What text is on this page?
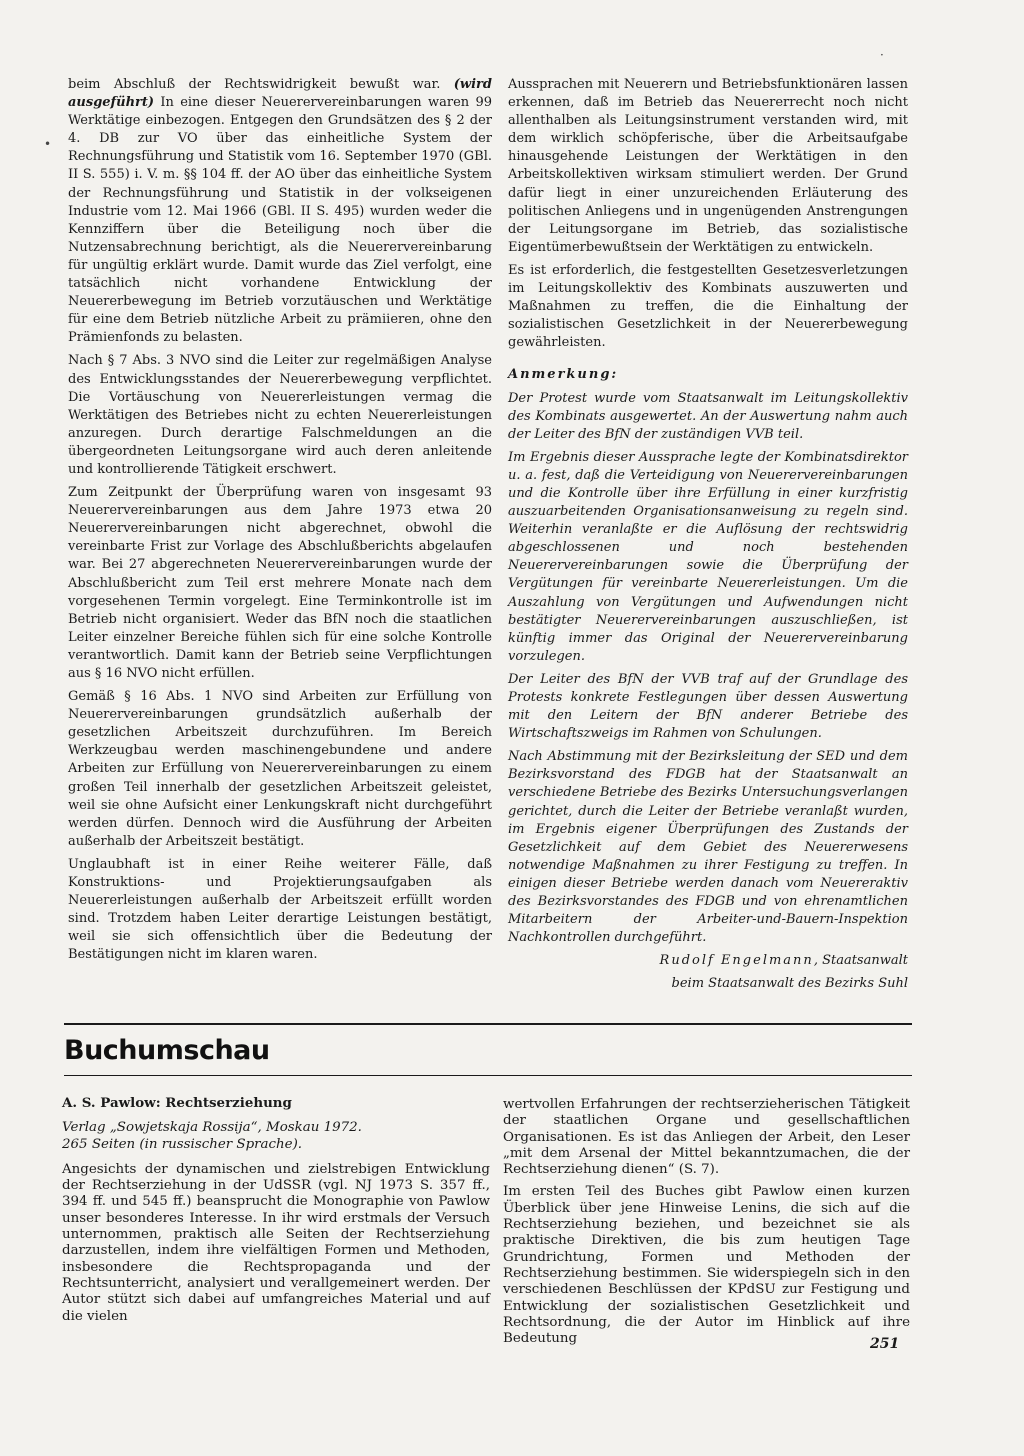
beim Abschluß der Rechtswidrigkeit bewußt war. (wird ausgeführt) In eine dieser Neuerervereinbarungen waren 99 Werktätige einbezogen. Entgegen den Grundsätzen des § 2 der 4. DB zur VO über das einheitliche System der Rechnungsführung und Statistik vom 16. September 1970 (GBl. II S. 555) i. V. m. §§ 104 ff. der AO über das einheitliche System der Rechnungsführung und Statistik in der volkseigenen Industrie vom 12. Mai 1966 (GBl. II S. 495) wurden weder die Kennziffern über die Beteiligung noch über die Nutzensabrechnung berichtigt, als die Neuerervereinbarung für ungültig erklärt wurde. Damit wurde das Ziel verfolgt, eine tatsächlich nicht vorhandene Entwicklung der Neuererbewegung im Betrieb vorzutäuschen und Werktätige für eine dem Betrieb nützliche Arbeit zu prämiieren, ohne den Prämienfonds zu belasten.

Nach § 7 Abs. 3 NVO sind die Leiter zur regelmäßigen Analyse des Entwicklungsstandes der Neuererbewegung verpflichtet. Die Vortäuschung von Neuererleistungen vermag die Werktätigen des Betriebes nicht zu echten Neuererleistungen anzuregen. Durch derartige Falschmeldungen an die übergeordneten Leitungsorgane wird auch deren anleitende und kontrollierende Tätigkeit erschwert.

Zum Zeitpunkt der Überprüfung waren von insgesamt 93 Neuerervereinbarungen aus dem Jahre 1973 etwa 20 Neuerervereinbarungen nicht abgerechnet, obwohl die vereinbarte Frist zur Vorlage des Abschlußberichts abgelaufen war. Bei 27 abgerechneten Neuerervereinbarungen wurde der Abschlußbericht zum Teil erst mehrere Monate nach dem vorgesehenen Termin vorgelegt. Eine Terminkontrolle ist im Betrieb nicht organisiert. Weder das BfN noch die staatlichen Leiter einzelner Bereiche fühlen sich für eine solche Kontrolle verantwortlich. Damit kann der Betrieb seine Verpflichtungen aus § 16 NVO nicht erfüllen.

Gemäß § 16 Abs. 1 NVO sind Arbeiten zur Erfüllung von Neuerervereinbarungen grundsätzlich außerhalb der gesetzlichen Arbeitszeit durchzuführen. Im Bereich Werkzeugbau werden maschinengebundene und andere Arbeiten zur Erfüllung von Neuerervereinbarungen zu einem großen Teil innerhalb der gesetzlichen Arbeitszeit geleistet, weil sie ohne Aufsicht einer Lenkungskraft nicht durchgeführt werden dürfen. Dennoch wird die Ausführung der Arbeiten außerhalb der Arbeitszeit bestätigt.

Unglaubhaft ist in einer Reihe weiterer Fälle, daß Konstruktions- und Projektierungsaufgaben als Neuererleistungen außerhalb der Arbeitszeit erfüllt worden sind. Trotzdem haben Leiter derartige Leistungen bestätigt, weil sie sich offensichtlich über die Bedeutung der Bestätigungen nicht im klaren waren.

Aussprachen mit Neuerern und Betriebsfunktionären lassen erkennen, daß im Betrieb das Neuererrecht noch nicht allenthalben als Leitungsinstrument verstanden wird, mit dem wirklich schöpferische, über die Arbeitsaufgabe hinausgehende Leistungen der Werktätigen in den Arbeitskollektiven wirksam stimuliert werden. Der Grund dafür liegt in einer unzureichenden Erläuterung des politischen Anliegens und in ungenügenden Anstrengungen der Leitungsorgane im Betrieb, das sozialistische Eigentümerbewußtsein der Werktätigen zu entwickeln.

Es ist erforderlich, die festgestellten Gesetzesverletzungen im Leitungskollektiv des Kombinats auszuwerten und Maßnahmen zu treffen, die die Einhaltung der sozialistischen Gesetzlichkeit in der Neuererbewegung gewährleisten.

Anmerkung:

Der Protest wurde vom Staatsanwalt im Leitungskollektiv des Kombinats ausgewertet. An der Auswertung nahm auch der Leiter des BfN der zuständigen VVB teil.

Im Ergebnis dieser Aussprache legte der Kombinatsdirektor u. a. fest, daß die Verteidigung von Neuerervereinbarungen und die Kontrolle über ihre Erfüllung in einer kurzfristig auszuarbeitenden Organisationsanweisung zu regeln sind. Weiterhin veranlaßte er die Auflösung der rechtswidrig abgeschlossenen und noch bestehenden Neuerervereinbarungen sowie die Überprüfung der Vergütungen für vereinbarte Neuererleistungen. Um die Auszahlung von Vergütungen und Aufwendungen nicht bestätigter Neuerervereinbarungen auszuschließen, ist künftig immer das Original der Neuerervereinbarung vorzulegen.

Der Leiter des BfN der VVB traf auf der Grundlage des Protests konkrete Festlegungen über dessen Auswertung mit den Leitern der BfN anderer Betriebe des Wirtschaftszweigs im Rahmen von Schulungen.

Nach Abstimmung mit der Bezirksleitung der SED und dem Bezirksvorstand des FDGB hat der Staatsanwalt an verschiedene Betriebe des Bezirks Untersuchungsverlangen gerichtet, durch die Leiter der Betriebe veranlaßt wurden, im Ergebnis eigener Überprüfungen des Zustands der Gesetzlichkeit auf dem Gebiet des Neuererwesens notwendige Maßnahmen zu ihrer Festigung zu treffen. In einigen dieser Betriebe werden danach vom Neuereraktiv des Bezirksvorstandes des FDGB und von ehrenamtlichen Mitarbeitern der Arbeiter-und-Bauern-Inspektion Nachkontrollen durchgeführt.

Rudolf Engelmann, Staatsanwalt

beim Staatsanwalt des Bezirks Suhl

Buchumschau

A. S. Pawlow: Rechtserziehung

Verlag „Sowjetskaja Rossija“, Moskau 1972.
265 Seiten (in russischer Sprache).

Angesichts der dynamischen und zielstrebigen Entwicklung der Rechtserziehung in der UdSSR (vgl. NJ 1973 S. 357 ff., 394 ff. und 545 ff.) beansprucht die Monographie von Pawlow unser besonderes Interesse. In ihr wird erstmals der Versuch unternommen, praktisch alle Seiten der Rechtserziehung darzustellen, indem ihre vielfältigen Formen und Methoden, insbesondere die Rechtspropaganda und der Rechtsunterricht, analysiert und verallgemeinert werden. Der Autor stützt sich dabei auf umfangreiches Material und auf die vielen

wertvollen Erfahrungen der rechtserzieherischen Tätigkeit der staatlichen Organe und gesellschaftlichen Organisationen. Es ist das Anliegen der Arbeit, den Leser „mit dem Arsenal der Mittel bekanntzumachen, die der Rechtserziehung dienen“ (S. 7).

Im ersten Teil des Buches gibt Pawlow einen kurzen Überblick über jene Hinweise Lenins, die sich auf die Rechtserziehung beziehen, und bezeichnet sie als praktische Direktiven, die bis zum heutigen Tage Grundrichtung, Formen und Methoden der Rechtserziehung bestimmen. Sie widerspiegeln sich in den verschiedenen Beschlüssen der KPdSU zur Festigung und Entwicklung der sozialistischen Gesetzlichkeit und Rechtsordnung, die der Autor im Hinblick auf ihre Bedeutung	251
•
·
